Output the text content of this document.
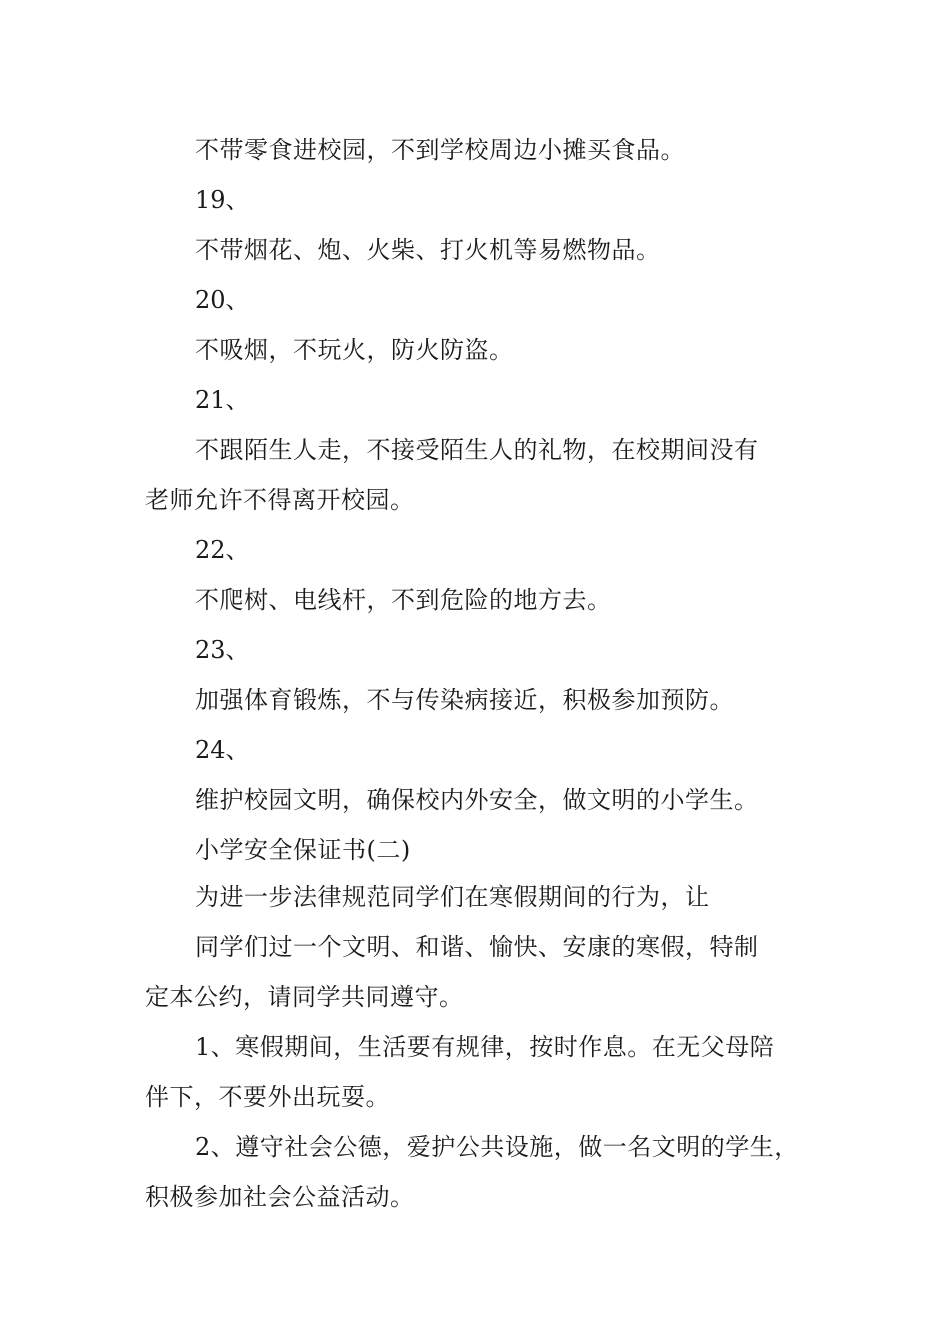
不带零食进校园，不到学校周边小摊买食品。
19、
不带烟花、炮、火柴、打火机等易燃物品。
20、
不吸烟，不玩火，防火防盗。
21、
不跟陌生人走，不接受陌生人的礼物，在校期间没有
老师允许不得离开校园。
22、
不爬树、电线杆，不到危险的地方去。
23、
加强体育锻炼，不与传染病接近，积极参加预防。
24、
维护校园文明，确保校内外安全，做文明的小学生。
小学安全保证书(二)
为进一步法律规范同学们在寒假期间的行为，让
同学们过一个文明、和谐、愉快、安康的寒假，特制
定本公约，请同学共同遵守。
1、寒假期间，生活要有规律，按时作息。在无父母陪
伴下，不要外出玩耍。
2、遵守社会公德，爱护公共设施，做一名文明的学生，
积极参加社会公益活动。
